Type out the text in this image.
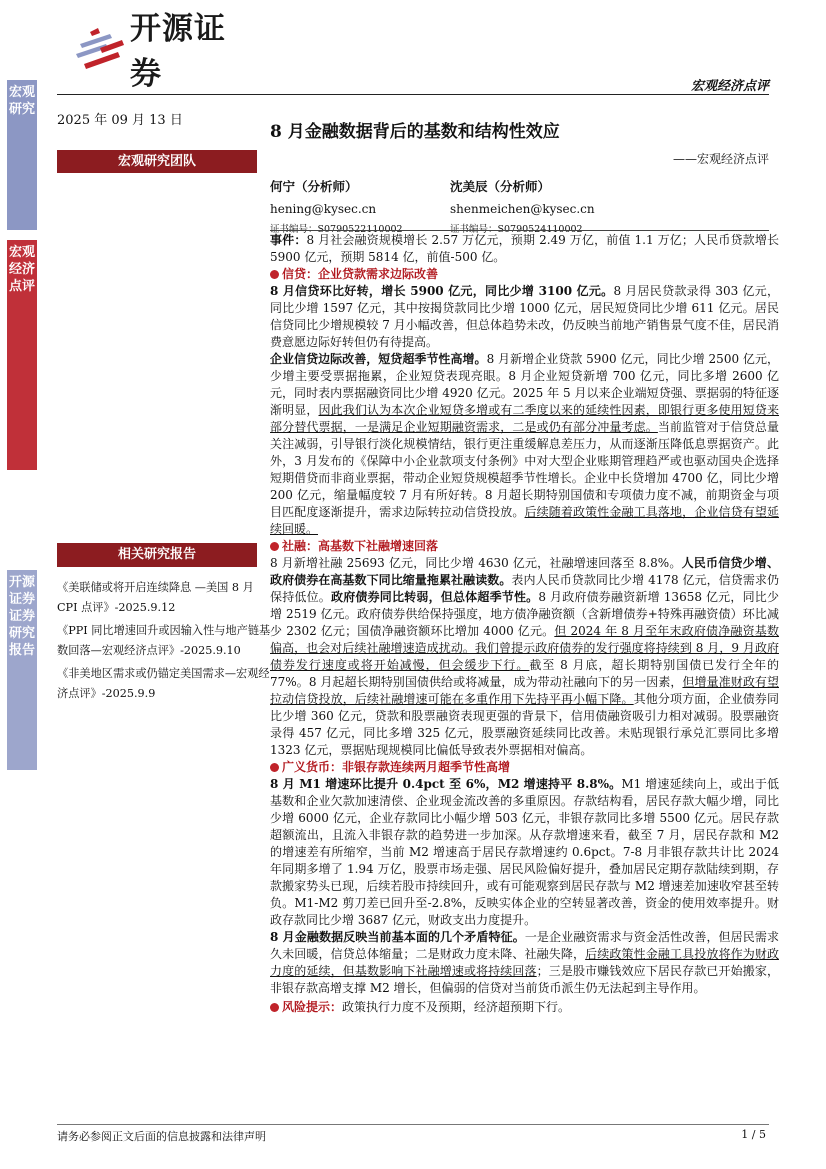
开源证券	宏观经济点评
宏观研究
宏观经济点评
开源证券 证券研究报告
2025 年 09 月 13 日
8 月金融数据背后的基数和结构性效应
——宏观经济点评
宏观研究团队
何宁（分析师）
hening@kysec.cn
证书编号：S0790522110002
沈美辰（分析师）
shenmeichen@kysec.cn
证书编号：S0790524110002
相关研究报告
《美联储或将开启连续降息 —美国 8 月 CPI 点评》-2025.9.12
《PPI 同比增速回升或因输入性与地产链基数回落—宏观经济点评》-2025.9.10
《非美地区需求或仍锚定美国需求—宏观经济点评》-2025.9.9

事件：8 月社会融资规模增长 2.57 万亿元，预期 2.49 万亿，前值 1.1 万亿；人民币贷款增长 5900 亿元，预期 5814 亿，前值-500 亿。

信贷：企业贷款需求边际改善

8 月信贷环比好转，增长 5900 亿元，同比少增 3100 亿元。8 月居民贷款录得 303 亿元，同比少增 1597 亿元，其中按揭贷款同比少增 1000 亿元，居民短贷同比少增 611 亿元。居民信贷同比少增规模较 7 月小幅改善，但总体趋势未改，仍反映当前地产销售景气度不佳，居民消费意愿边际好转但仍有待提高。

企业信贷边际改善，短贷超季节性高增。8 月新增企业贷款 5900 亿元，同比少增 2500 亿元，少增主要受票据拖累，企业短贷表现亮眼。8 月企业短贷新增 700 亿元，同比多增 2600 亿元，同时表内票据融资同比少增 4920 亿元。2025 年 5 月以来企业端短贷强、票据弱的特征逐渐明显，因此我们认为本次企业短贷多增或有二季度以来的延续性因素，即银行更多使用短贷来部分替代票据，一是满足企业短期融资需求，二是或仍有部分冲量考虑。当前监管对于信贷总量关注减弱，引导银行淡化规模情结，银行更注重缓解息差压力，从而逐渐压降低息票据资产。此外，3 月发布的《保障中小企业款项支付条例》中对大型企业账期管理趋严或也驱动国央企选择短期借贷而非商业票据，带动企业短贷规模超季节性增长。企业中长贷增加 4700 亿，同比少增 200 亿元，缩量幅度较 7 月有所好转。8 月超长期特别国债和专项债力度不减，前期资金与项目匹配度逐渐提升，需求边际转拉动信贷投放。后续随着政策性金融工具落地，企业信贷有望延续回暖。

社融：高基数下社融增速回落

8 月新增社融 25693 亿元，同比少增 4630 亿元，社融增速回落至 8.8%。人民币信贷少增、政府债券在高基数下同比缩量拖累社融读数。表内人民币贷款同比少增 4178 亿元，信贷需求仍保持低位。政府债券同比转弱，但总体超季节性。8 月政府债券融资新增 13658 亿元，同比少增 2519 亿元。政府债券供给保持强度，地方债净融资额（含新增债券+特殊再融资债）环比减少 2302 亿元；国债净融资额环比增加 4000 亿元。但 2024 年 8 月至年末政府债净融资基数偏高，也会对后续社融增速造成扰动。我们曾提示政府债券的发行强度将持续到 8 月，9 月政府债券发行速度或将开始减慢，但会缓步下行。截至 8 月底，超长期特别国债已发行全年的 77%。8 月起超长期特别国债供给或将减量，成为带动社融向下的另一因素，但增量准财政有望拉动信贷投放，后续社融增速可能在多重作用下先持平再小幅下降。其他分项方面，企业债券同比少增 360 亿元，贷款和股票融资表现更强的背景下，信用债融资吸引力相对减弱。股票融资录得 457 亿元，同比多增 325 亿元，股票融资延续同比改善。未贴现银行承兑汇票同比多增 1323 亿元，票据贴现规模同比偏低导致表外票据相对偏高。

广义货币：非银存款连续两月超季节性高增

8 月 M1 增速环比提升 0.4pct 至 6%，M2 增速持平 8.8%。M1 增速延续向上，或出于低基数和企业欠款加速清偿、企业现金流改善的多重原因。存款结构看，居民存款大幅少增，同比少增 6000 亿元，企业存款同比小幅少增 503 亿元，非银存款同比多增 5500 亿元。居民存款超额流出，且流入非银存款的趋势进一步加深。从存款增速来看，截至 7 月，居民存款和 M2 的增速差有所缩窄，当前 M2 增速高于居民存款增速约 0.6pct。7-8 月非银存款共计比 2024 年同期多增了 1.94 万亿，股票市场走强、居民风险偏好提升，叠加居民定期存款陆续到期，存款搬家势头已现，后续若股市持续回升，或有可能观察到居民存款与 M2 增速差加速收窄甚至转负。M1-M2 剪刀差已回升至-2.8%，反映实体企业的空转显著改善，资金的使用效率提升。财政存款同比少增 3687 亿元，财政支出力度提升。

8 月金融数据反映当前基本面的几个矛盾特征。一是企业融资需求与资金活性改善，但居民需求久未回暖，信贷总体缩量；二是财政力度未降、社融失降，后续政策性金融工具投放将作为财政力度的延续，但基数影响下社融增速或将持续回落；三是股市赚钱效应下居民存款已开始搬家，非银存款高增支撑 M2 增长，但偏弱的信贷对当前货币派生仍无法起到主导作用。

风险提示：政策执行力度不及预期，经济超预期下行。

请务必参阅正文后面的信息披露和法律声明	1 / 5
